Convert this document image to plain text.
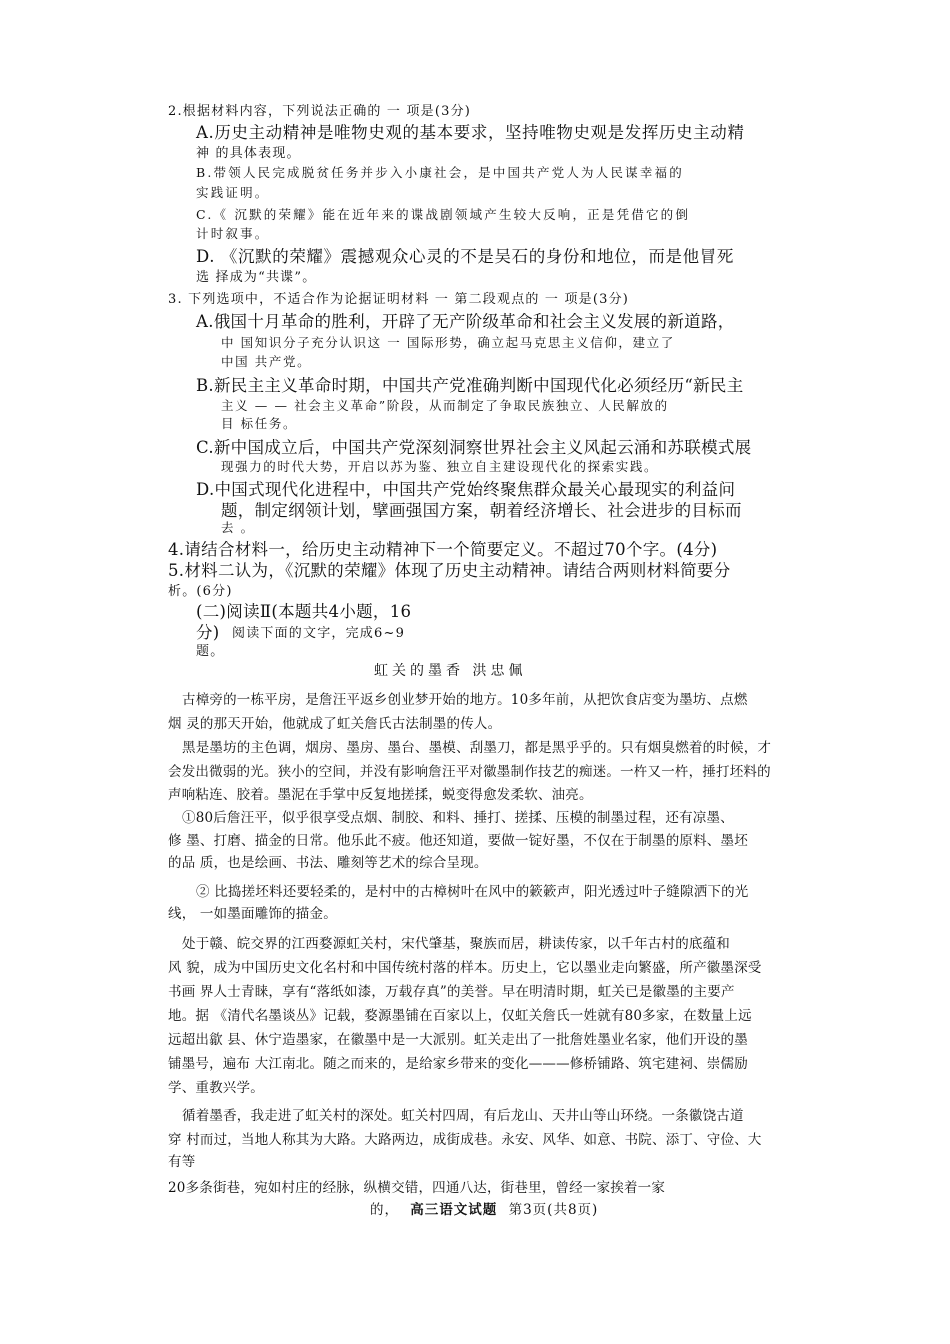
2.根据材料内容，下列说法正确的 一 项是(3分)
A.历史主动精神是唯物史观的基本要求，坚持唯物史观是发挥历史主动精
神 的具体表现。
B.带领人民完成脱贫任务并步入小康社会，是中国共产党人为人民谋幸福的
实践证明。
C.《 沉默的荣耀》能在近年来的谍战剧领域产生较大反响，正是凭借它的倒
计时叙事。
D. 《沉默的荣耀》震撼观众心灵的不是吴石的身份和地位，而是他冒死
选 择成为“共谍”。
3. 下列选项中，不适合作为论据证明材料 一 第二段观点的 一 项是(3分)
A.俄国十月革命的胜利，开辟了无产阶级革命和社会主义发展的新道路，
中 国知识分子充分认识这 一 国际形势，确立起马克思主义信仰，建立了
中国 共产党。
B.新民主主义革命时期，中国共产党准确判断中国现代化必须经历“新民主
主义 — — 社会主义革命”阶段，从而制定了争取民族独立、人民解放的
目 标任务。
C.新中国成立后，中国共产党深刻洞察世界社会主义风起云涌和苏联模式展
现强力的时代大势，开启以苏为鉴、独立自主建设现代化的探索实践。
D.中国式现代化进程中，中国共产党始终聚焦群众最关心最现实的利益问
题，制定纲领计划，擘画强国方案，朝着经济增长、社会进步的目标而
去 。
4.请结合材料一，给历史主动精神下一个简要定义。不超过70个字。(4分)
5.材料二认为，《沉默的荣耀》体现了历史主动精神。请结合两则材料简要分
析。(6分)
(二)阅读Ⅱ(本题共4小题，16
分) 阅读下面的文字，完成6~9
题。
虹关的墨香 洪忠佩
古樟旁的一栋平房，是詹汪平返乡创业梦开始的地方。10多年前，从把饮食店变为墨坊、点燃
烟 灵的那天开始，他就成了虹关詹氏古法制墨的传人。
黑是墨坊的主色调，烟房、墨房、墨台、墨模、刮墨刀，都是黑乎乎的。只有烟臭燃着的时候，才
会发出微弱的光。狭小的空间，并没有影响詹汪平对徽墨制作技艺的痴迷。一杵又一杵，捶打坯料的
声响粘连、胶着。墨泥在手掌中反复地搓揉，蜕变得愈发柔软、油亮。
①80后詹汪平，似乎很享受点烟、制胶、和料、捶打、搓揉、压模的制墨过程，还有凉墨、
修 墨、打磨、描金的日常。他乐此不疲。他还知道，要做一锭好墨，不仅在于制墨的原料、墨坯
的品 质，也是绘画、书法、雕刻等艺术的综合呈现。
② 比捣搓坯料还要轻柔的，是村中的古樟树叶在风中的簌簌声，阳光透过叶子缝隙洒下的光
线， 一如墨面雕饰的描金。
处于赣、皖交界的江西婺源虹关村，宋代肇基，聚族而居，耕读传家，以千年古村的底蕴和
风 貌，成为中国历史文化名村和中国传统村落的样本。历史上，它以墨业走向繁盛，所产徽墨深受
书画 界人士青睐，享有“落纸如漆，万载存真”的美誉。早在明清时期，虹关已是徽墨的主要产
地。据 《清代名墨谈丛》记载，婺源墨铺在百家以上，仅虹关詹氏一姓就有80多家，在数量上远
远超出歙 县、休宁造墨家，在徽墨中是一大派别。虹关走出了一批詹姓墨业名家，他们开设的墨
铺墨号，遍布 大江南北。随之而来的，是给家乡带来的变化———修桥铺路、筑宅建祠、崇儒励
学、重教兴学。
循着墨香，我走进了虹关村的深处。虹关村四周，有后龙山、天井山等山环绕。一条徽饶古道
穿 村而过，当地人称其为大路。大路两边，成街成巷。永安、风华、如意、书院、添丁、守俭、大
有等
20多条街巷，宛如村庄的经脉，纵横交错，四通八达，街巷里，曾经一家挨着一家
的， 高三语文试题 第3页(共8页)
